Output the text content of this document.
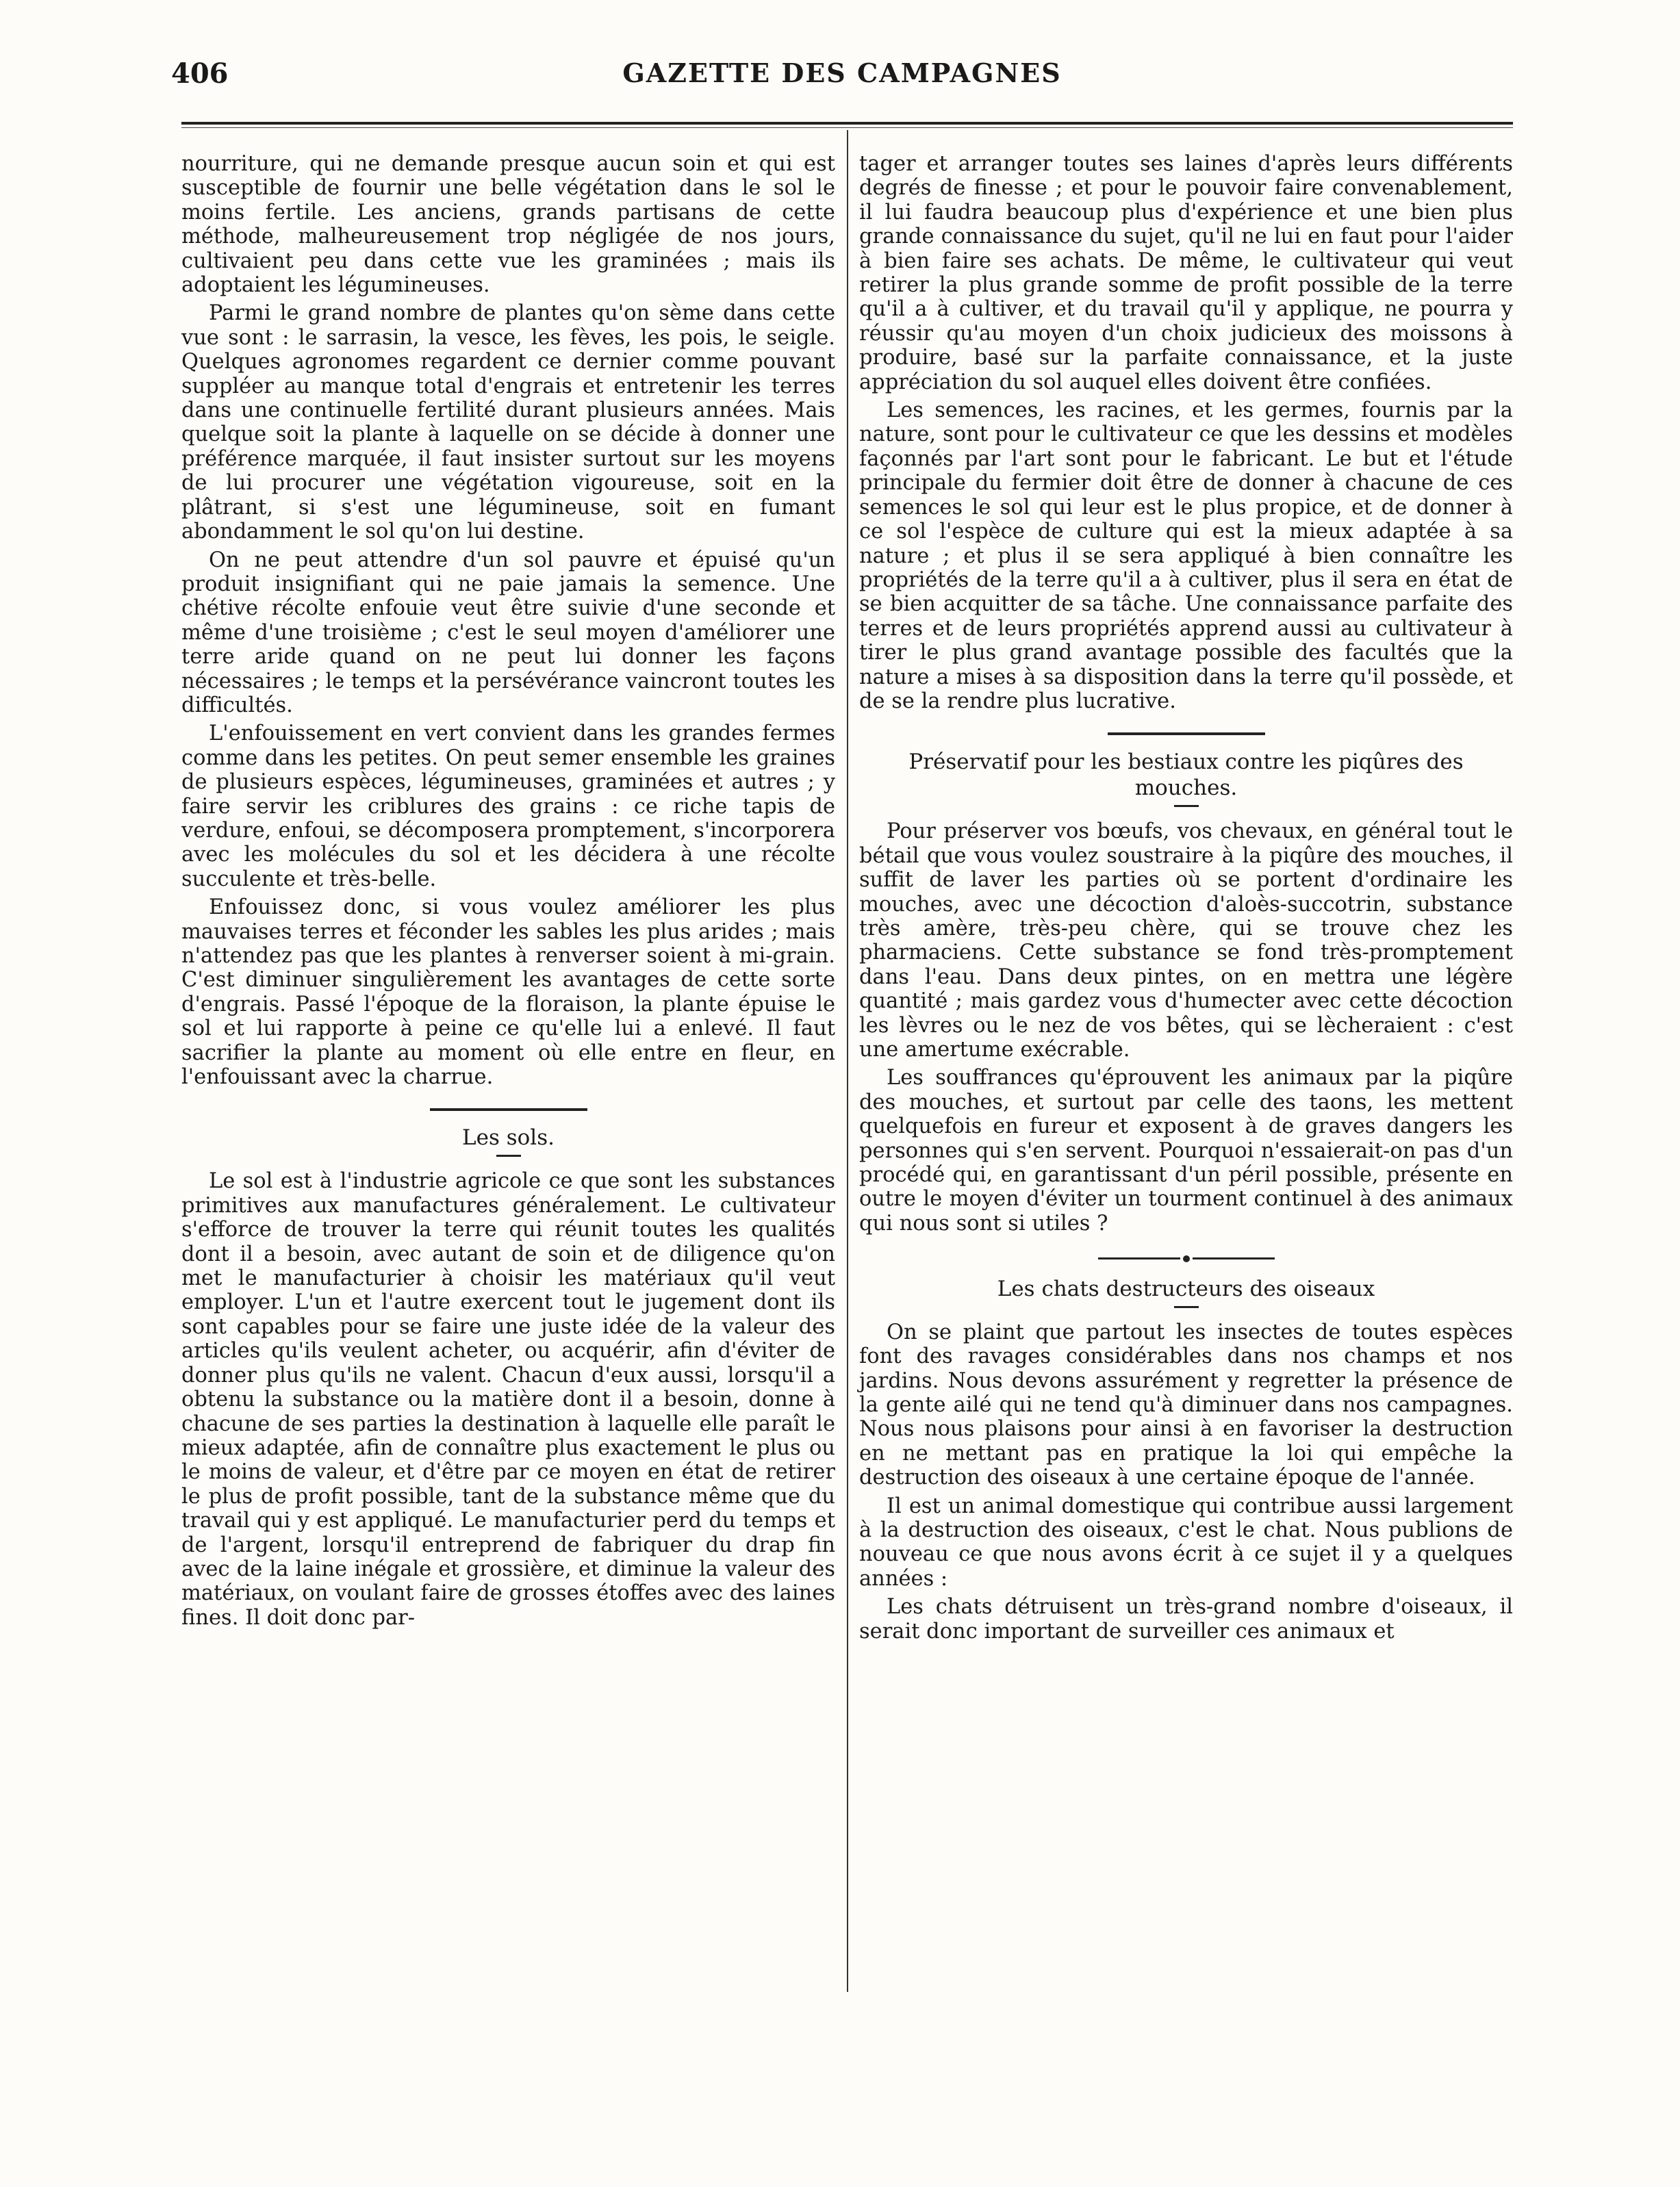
406	GAZETTE DES CAMPAGNES

nourriture, qui ne demande presque aucun soin et qui est susceptible de fournir une belle végétation dans le sol le moins fertile. Les anciens, grands partisans de cette méthode, malheureusement trop négligée de nos jours, cultivaient peu dans cette vue les graminées ; mais ils adoptaient les légumineuses.

Parmi le grand nombre de plantes qu'on sème dans cette vue sont : le sarrasin, la vesce, les fèves, les pois, le seigle. Quelques agronomes regardent ce dernier comme pouvant suppléer au manque total d'engrais et entretenir les terres dans une continuelle fertilité durant plusieurs années. Mais quelque soit la plante à laquelle on se décide à donner une préférence marquée, il faut insister surtout sur les moyens de lui procurer une végétation vigoureuse, soit en la plâtrant, si s'est une légumineuse, soit en fumant abondamment le sol qu'on lui destine.

On ne peut attendre d'un sol pauvre et épuisé qu'un produit insignifiant qui ne paie jamais la semence. Une chétive récolte enfouie veut être suivie d'une seconde et même d'une troisième ; c'est le seul moyen d'améliorer une terre aride quand on ne peut lui donner les façons nécessaires ; le temps et la persévérance vaincront toutes les difficultés.

L'enfouissement en vert convient dans les grandes fermes comme dans les petites. On peut semer ensemble les graines de plusieurs espèces, légumineuses, graminées et autres ; y faire servir les criblures des grains : ce riche tapis de verdure, enfoui, se décomposera promptement, s'incorporera avec les molécules du sol et les décidera à une récolte succulente et très-belle.

Enfouissez donc, si vous voulez améliorer les plus mauvaises terres et féconder les sables les plus arides ; mais n'attendez pas que les plantes à renverser soient à mi-grain. C'est diminuer singulièrement les avantages de cette sorte d'engrais. Passé l'époque de la floraison, la plante épuise le sol et lui rapporte à peine ce qu'elle lui a enlevé. Il faut sacrifier la plante au moment où elle entre en fleur, en l'enfouissant avec la charrue.

Les sols.

Le sol est à l'industrie agricole ce que sont les substances primitives aux manufactures généralement. Le cultivateur s'efforce de trouver la terre qui réunit toutes les qualités dont il a besoin, avec autant de soin et de diligence qu'on met le manufacturier à choisir les matériaux qu'il veut employer. L'un et l'autre exercent tout le jugement dont ils sont capables pour se faire une juste idée de la valeur des articles qu'ils veulent acheter, ou acquérir, afin d'éviter de donner plus qu'ils ne valent. Chacun d'eux aussi, lorsqu'il a obtenu la substance ou la matière dont il a besoin, donne à chacune de ses parties la destination à laquelle elle paraît le mieux adaptée, afin de connaître plus exactement le plus ou le moins de valeur, et d'être par ce moyen en état de retirer le plus de profit possible, tant de la substance même que du travail qui y est appliqué. Le manufacturier perd du temps et de l'argent, lorsqu'il entreprend de fabriquer du drap fin avec de la laine inégale et grossière, et diminue la valeur des matériaux, on voulant faire de grosses étoffes avec des laines fines. Il doit donc par-

tager et arranger toutes ses laines d'après leurs différents degrés de finesse ; et pour le pouvoir faire convenablement, il lui faudra beaucoup plus d'expérience et une bien plus grande connaissance du sujet, qu'il ne lui en faut pour l'aider à bien faire ses achats. De même, le cultivateur qui veut retirer la plus grande somme de profit possible de la terre qu'il a à cultiver, et du travail qu'il y applique, ne pourra y réussir qu'au moyen d'un choix judicieux des moissons à produire, basé sur la parfaite connaissance, et la juste appréciation du sol auquel elles doivent être confiées.

Les semences, les racines, et les germes, fournis par la nature, sont pour le cultivateur ce que les dessins et modèles façonnés par l'art sont pour le fabricant. Le but et l'étude principale du fermier doit être de donner à chacune de ces semences le sol qui leur est le plus propice, et de donner à ce sol l'espèce de culture qui est la mieux adaptée à sa nature ; et plus il se sera appliqué à bien connaître les propriétés de la terre qu'il a à cultiver, plus il sera en état de se bien acquitter de sa tâche. Une connaissance parfaite des terres et de leurs propriétés apprend aussi au cultivateur à tirer le plus grand avantage possible des facultés que la nature a mises à sa disposition dans la terre qu'il possède, et de se la rendre plus lucrative.

Préservatif pour les bestiaux contre les piqûres des mouches.

Pour préserver vos bœufs, vos chevaux, en général tout le bétail que vous voulez soustraire à la piqûre des mouches, il suffit de laver les parties où se portent d'ordinaire les mouches, avec une décoction d'aloès-succotrin, substance très amère, très-peu chère, qui se trouve chez les pharmaciens. Cette substance se fond très-promptement dans l'eau. Dans deux pintes, on en mettra une légère quantité ; mais gardez vous d'humecter avec cette décoction les lèvres ou le nez de vos bêtes, qui se lècheraient : c'est une amertume exécrable.

Les souffrances qu'éprouvent les animaux par la piqûre des mouches, et surtout par celle des taons, les mettent quelquefois en fureur et exposent à de graves dangers les personnes qui s'en servent. Pourquoi n'essaierait-on pas d'un procédé qui, en garantissant d'un péril possible, présente en outre le moyen d'éviter un tourment continuel à des animaux qui nous sont si utiles ?

Les chats destructeurs des oiseaux

On se plaint que partout les insectes de toutes espèces font des ravages considérables dans nos champs et nos jardins. Nous devons assurément y regretter la présence de la gente ailé qui ne tend qu'à diminuer dans nos campagnes. Nous nous plaisons pour ainsi à en favoriser la destruction en ne mettant pas en pratique la loi qui empêche la destruction des oiseaux à une certaine époque de l'année.

Il est un animal domestique qui contribue aussi largement à la destruction des oiseaux, c'est le chat. Nous publions de nouveau ce que nous avons écrit à ce sujet il y a quelques années :

Les chats détruisent un très-grand nombre d'oiseaux, il serait donc important de surveiller ces animaux et
